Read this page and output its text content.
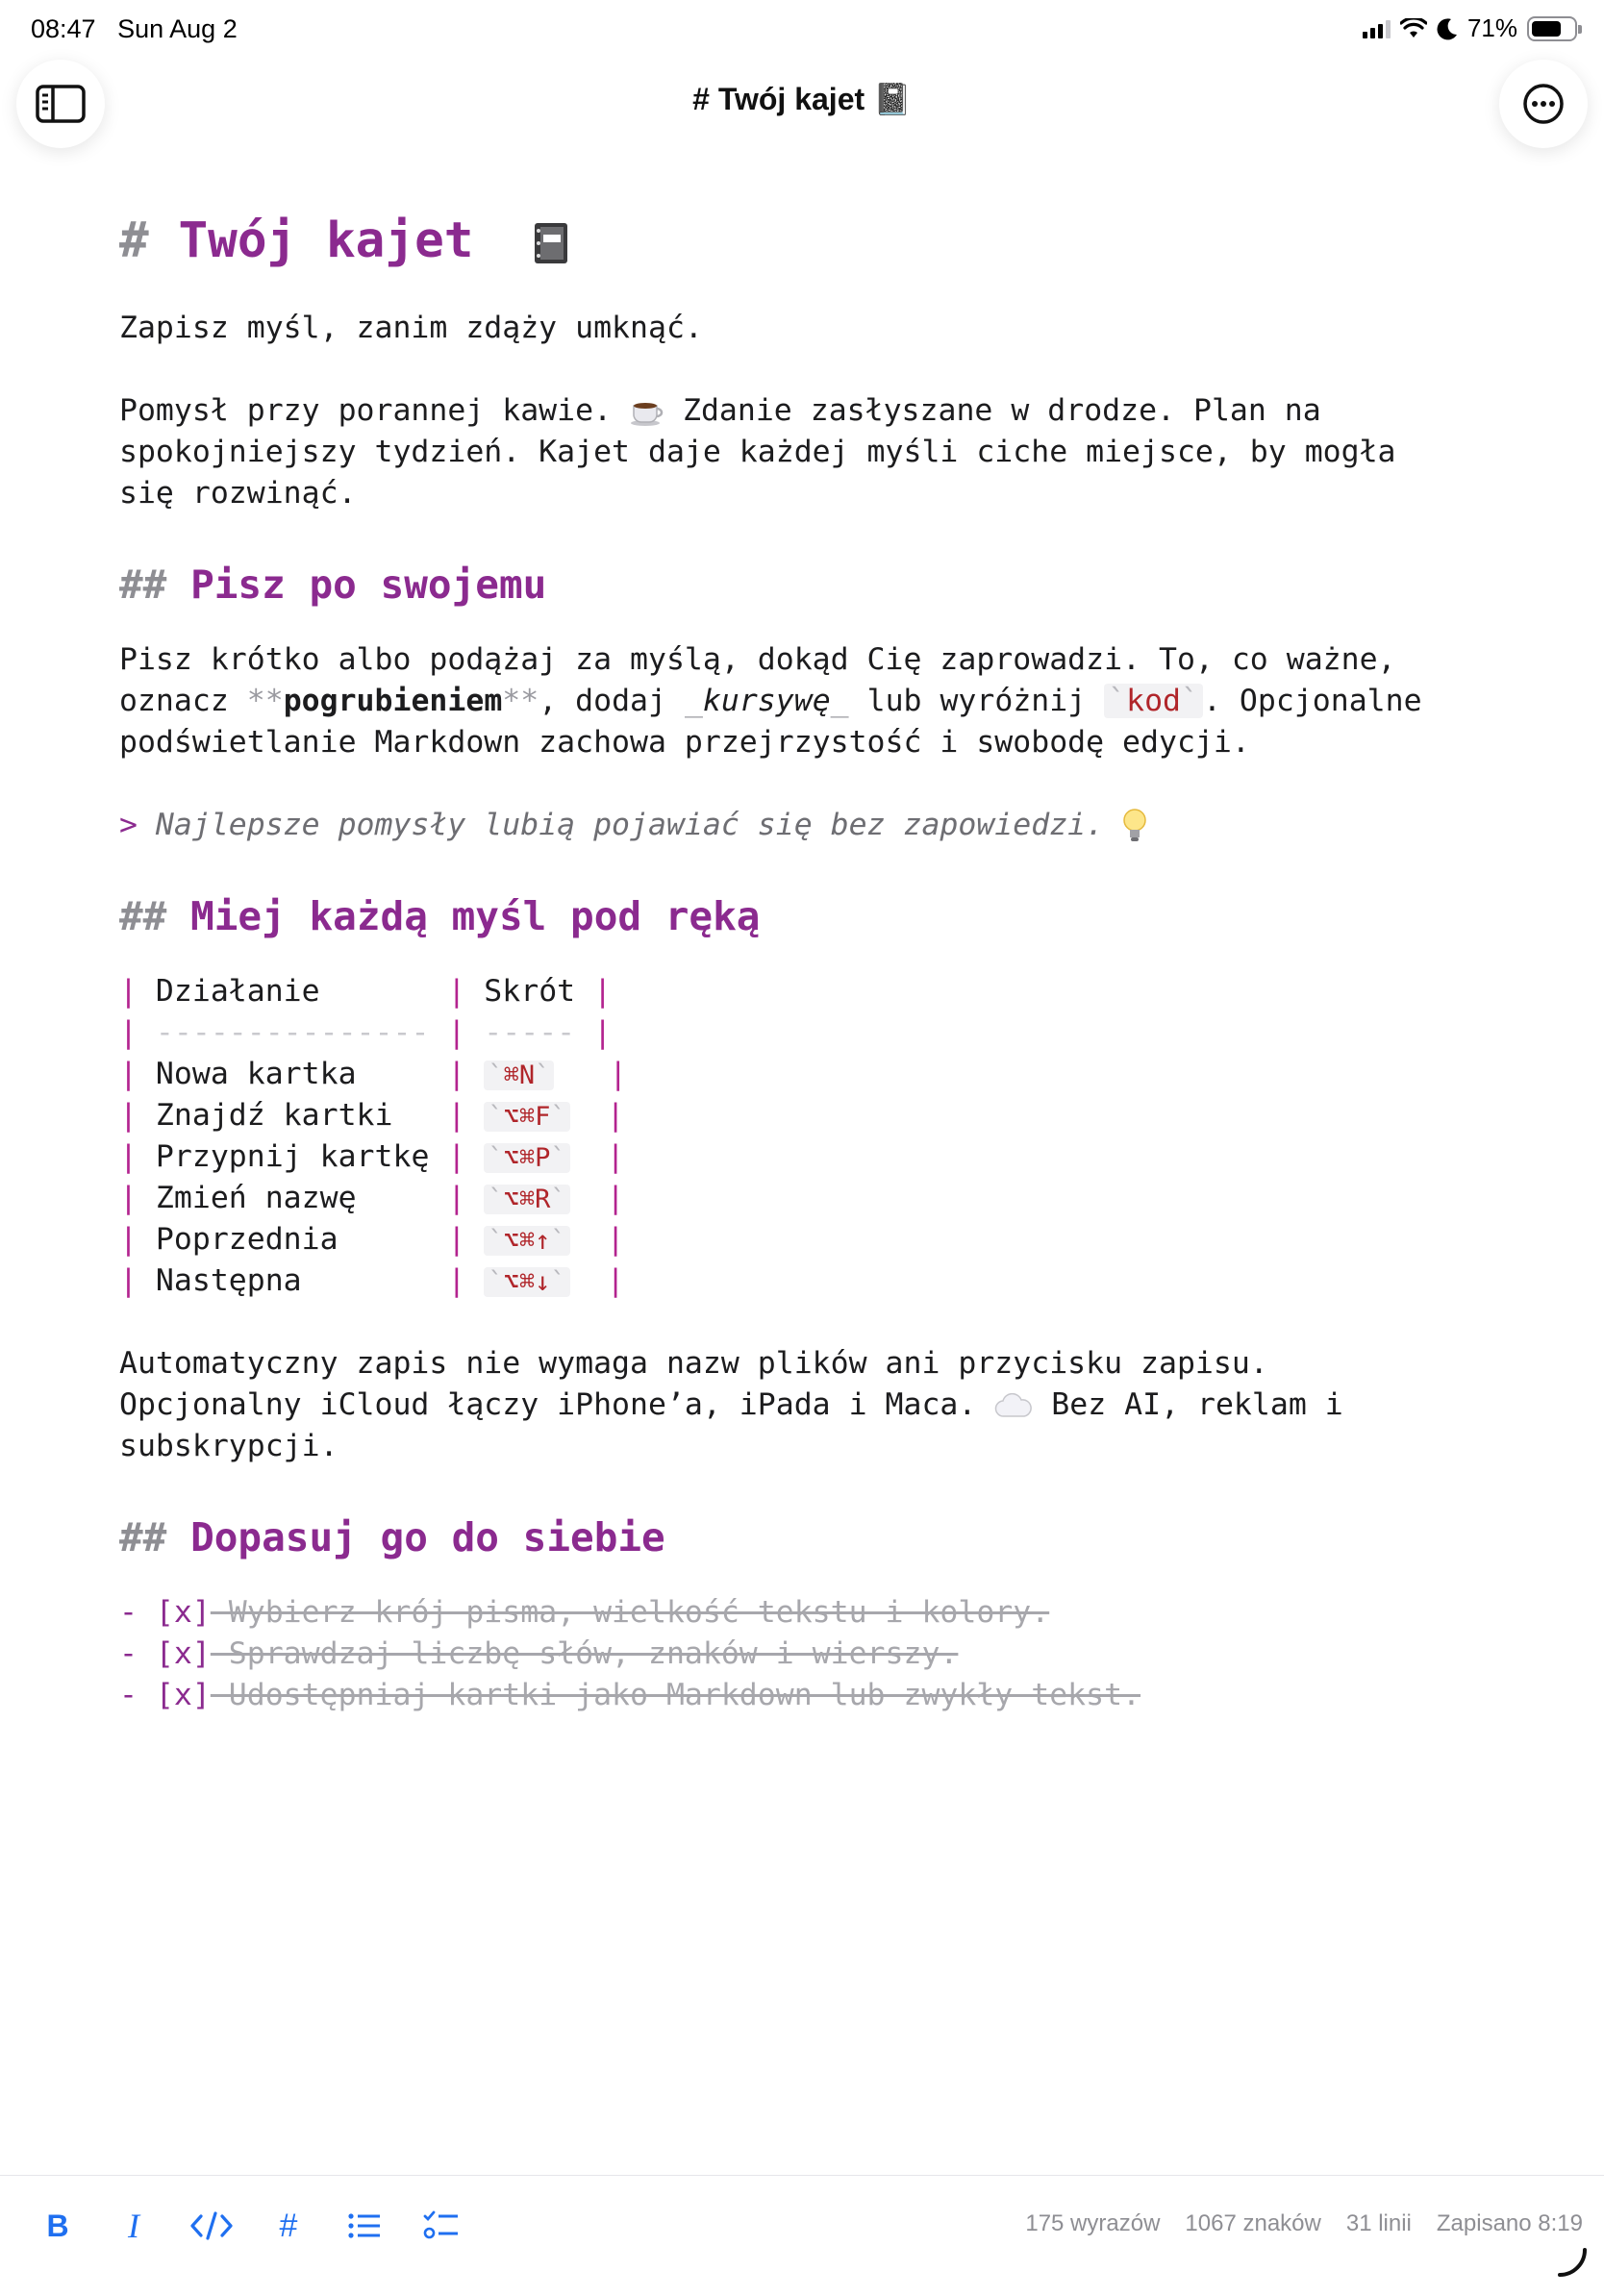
08:47 Sun Aug 2	71%
# Twój kajet 📓
# Twój kajet
Zapisz myśl, zanim zdąży umknąć.
Pomysł przy porannej kawie.  Zdanie zasłyszane w drodze. Plan na
spokojniejszy tydzień. Kajet daje każdej myśli ciche miejsce, by mogła
się rozwinąć.
## Pisz po swojemu
Pisz krótko albo podążaj za myślą, dokąd Cię zaprowadzi. To, co ważne,
oznacz **pogrubieniem**, dodaj _kursywę_ lub wyróżnij `kod` . Opcjonalne
podświetlanie Markdown zachowa przejrzystość i swobodę edycji.
> Najlepsze pomysły lubią pojawiać się bez zapowiedzi.
## Miej każdą myśl pod ręką
| Działanie       | Skrót |
| --------------- | ----- |
| Nowa kartka     | `⌘N` |
| Znajdź kartki   | `⌥⌘F` |
| Przypnij kartkę | `⌥⌘P` |
| Zmień nazwę     | `⌥⌘R` |
| Poprzednia      | `⌥⌘↑` |
| Następna        | `⌥⌘↓` |
Automatyczny zapis nie wymaga nazw plików ani przycisku zapisu.
Opcjonalny iCloud łączy iPhone’a, iPada i Maca.  Bez AI, reklam i
subskrypcji.
## Dopasuj go do siebie
- [x] Wybierz krój pisma, wielkość tekstu i kolory.
- [x] Sprawdzaj liczbę słów, znaków i wierszy.
- [x] Udostępniaj kartki jako Markdown lub zwykły tekst.
B	I	#	175 wyrazów 1067 znaków 31 linii Zapisano 8:19
